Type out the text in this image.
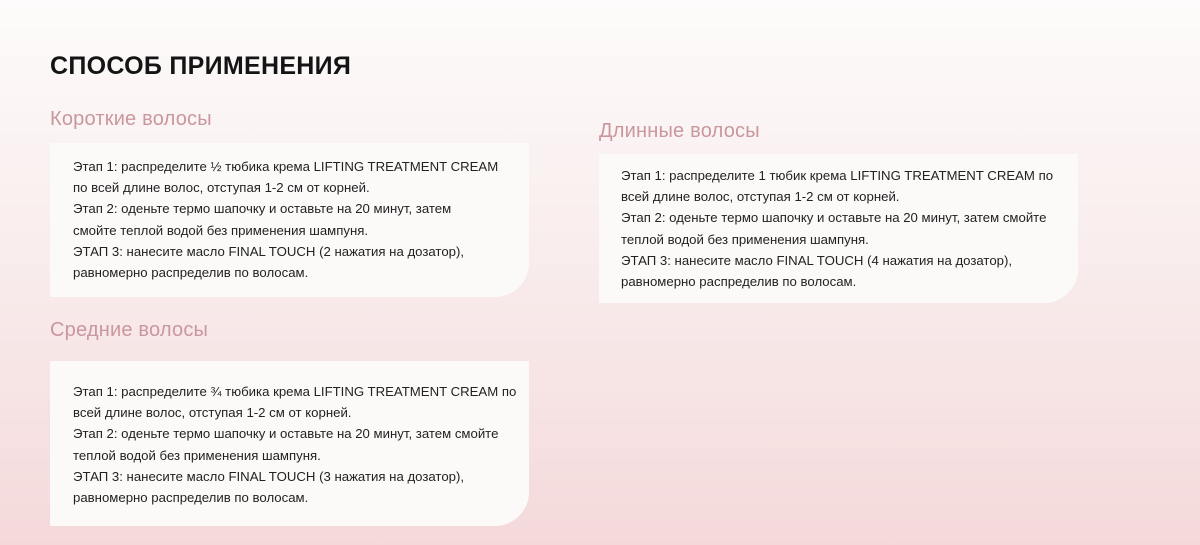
СПОСОБ ПРИМЕНЕНИЯ
Короткие волосы

Этап 1: распределите ½ тюбика крема LIFTING TREATMENT CREAM

по всей длине волос, отступая 1-2 см от корней.

Этап 2: оденьте термо шапочку и оставьте на 20 минут, затем

смойте теплой водой без применения шампуня.

ЭТАП 3: нанесите масло FINAL TOUCH (2 нажатия на дозатор),

равномерно распределив по волосам.

Средние волосы

Этап 1: распределите ¾ тюбика крема LIFTING TREATMENT CREAM по

всей длине волос, отступая 1-2 см от корней.

Этап 2: оденьте термо шапочку и оставьте на 20 минут, затем смойте

теплой водой без применения шампуня.

ЭТАП 3: нанесите масло FINAL TOUCH (3 нажатия на дозатор),

равномерно распределив по волосам.

Длинные волосы

Этап 1: распределите 1 тюбик крема LIFTING TREATMENT CREAM по

всей длине волос, отступая 1-2 см от корней.

Этап 2: оденьте термо шапочку и оставьте на 20 минут, затем смойте

теплой водой без применения шампуня.

ЭТАП 3: нанесите масло FINAL TOUCH (4 нажатия на дозатор),

равномерно распределив по волосам.
